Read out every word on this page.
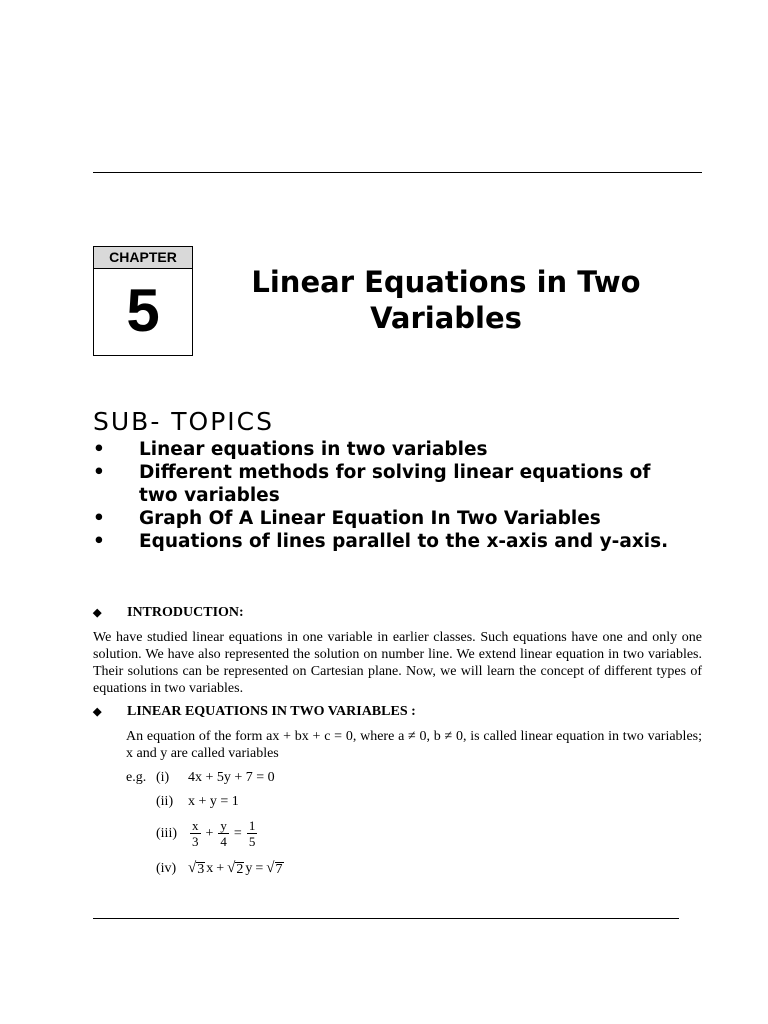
CHAPTER
5	Linear Equations in Two Variables
SUB- TOPICS
• Linear equations in two variables
• Different methods for solving linear equations of two variables
• Graph Of A Linear Equation In Two Variables
• Equations of lines parallel to the x-axis and y-axis.
◆ INTRODUCTION:
We have studied linear equations in one variable in earlier classes. Such equations have one and only one solution. We have also represented the solution on number line. We extend linear equation in two variables. Their solutions can be represented on Cartesian plane. Now, we will learn the concept of different types of equations in two variables.
◆ LINEAR EQUATIONS IN TWO VARIABLES :
An equation of the form ax + bx + c = 0, where a ≠ 0, b ≠ 0, is called linear equation in two variables; x and y are called variables
e.g. (i) 4x + 5y + 7 = 0
(ii) x + y = 1
(iii)	$\frac{x}{3} + \frac{y}{4} = \frac{1}{5}$
(iv) √ 3 x + √ 2 y = √ 7
